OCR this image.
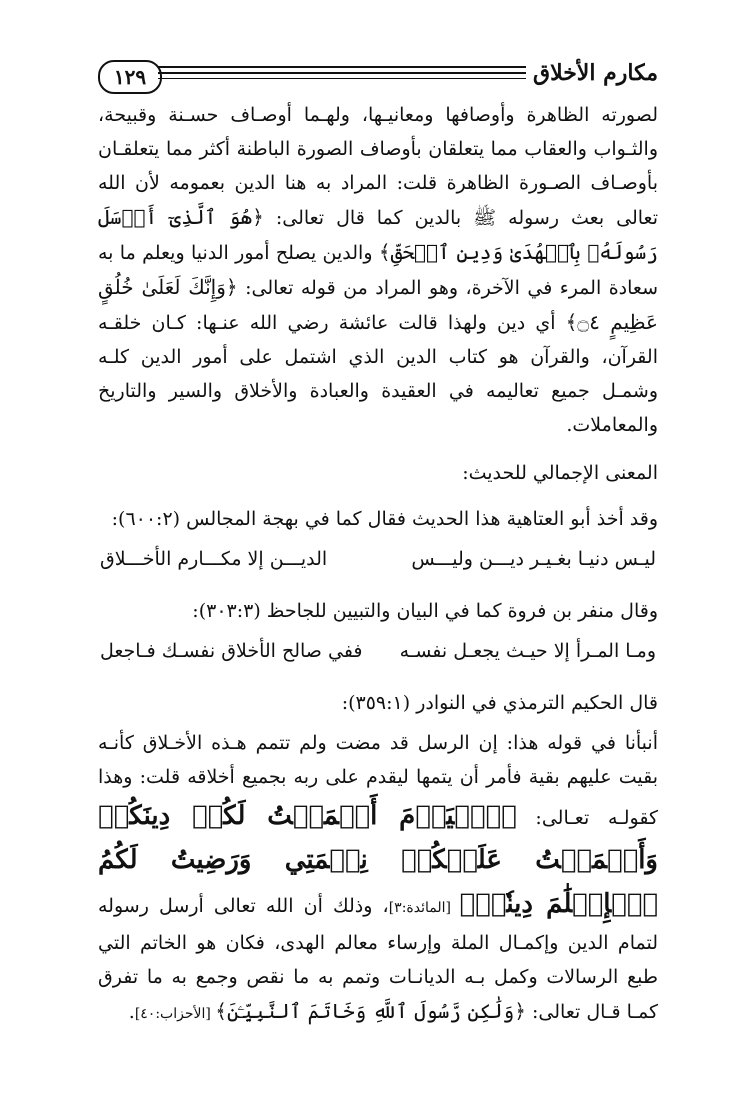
١٢٩	مكارم الأخلاق

لصورته الظاهرة وأوصافها ومعانيـها، ولهـما أوصـاف حسـنة وقبيحة، والثـواب والعقاب مما يتعلقان بأوصاف الصورة الباطنة أكثر مما يتعلقـان بأوصـاف الصـورة الظاهرة قلت: المراد به هنا الدين بعمومه لأن الله تعالى بعث رسوله ﷺ بالدين كما قال تعالى: ﴿هُوَ ٱلَّذِىٓ أَرۡسَلَ رَسُولَهُۥ بِٱلۡهُدَىٰ وَدِينِ ٱلۡحَقِّ﴾ والدين يصلح أمور الدنيا ويعلم ما به سعادة المرء في الآخرة، وهو المراد من قوله تعالى: ﴿وَإِنَّكَ لَعَلَىٰ خُلُقٍ عَظِيمٍ ۝٤﴾ أي دين ولهذا قالت عائشة رضي الله عنـها: كـان خلقـه القرآن، والقرآن هو كتاب الدين الذي اشتمل على أمور الدين كلـه وشمـل جميع تعاليمه في العقيدة والعبادة والأخلاق والسير والتاريخ والمعاملات.

المعنى الإجمالي للحديث:

وقد أخذ أبو العتاهية هذا الحديث فقال كما في بهجة المجالس (٦٠٠:٢):

ليـس دنيـا بغـيـر ديـــن وليـــس
الديـــن إلا مكـــارم الأخـــلاق

وقال منفر بن فروة كما في البيان والتبيين للجاحظ (٣٠٣:٣):

ومـا المـرأ إلا حيـث يجعـل نفسـه
ففي صالح الأخلاق نفسـك فـاجعل

قال الحكيم الترمذي في النوادر (٣٥٩:١):

أنبأنا في قوله هذا: إن الرسل قد مضت ولم تتمم هـذه الأخـلاق كأنـه بقيت عليهم بقية فأمر أن يتمها ليقدم على ربه بجميع أخلاقه قلت: وهذا كقولـه تعـالى: ﴿ٱلۡيَوۡمَ أَكۡمَلۡتُ لَكُمۡ دِينَكُمۡ وَأَتۡمَمۡتُ عَلَيۡكُمۡ نِعۡمَتِي وَرَضِيتُ لَكُمُ ٱلۡإِسۡلَٰمَ دِينٗاۚ﴾ [المائدة:٣]، وذلك أن الله تعالى أرسل رسوله لتمام الدين وإكمـال الملة وإرساء معالم الهدى، فكان هو الخاتم التي طبع الرسالات وكمل بـه الديانـات وتمم به ما نقص وجمع به ما تفرق كمـا قـال تعالى: ﴿وَلَٰكِن رَّسُولَ ٱللَّهِ وَخَاتَمَ ٱلنَّبِيِّـۧنَ﴾ [الأحزاب:٤٠].
